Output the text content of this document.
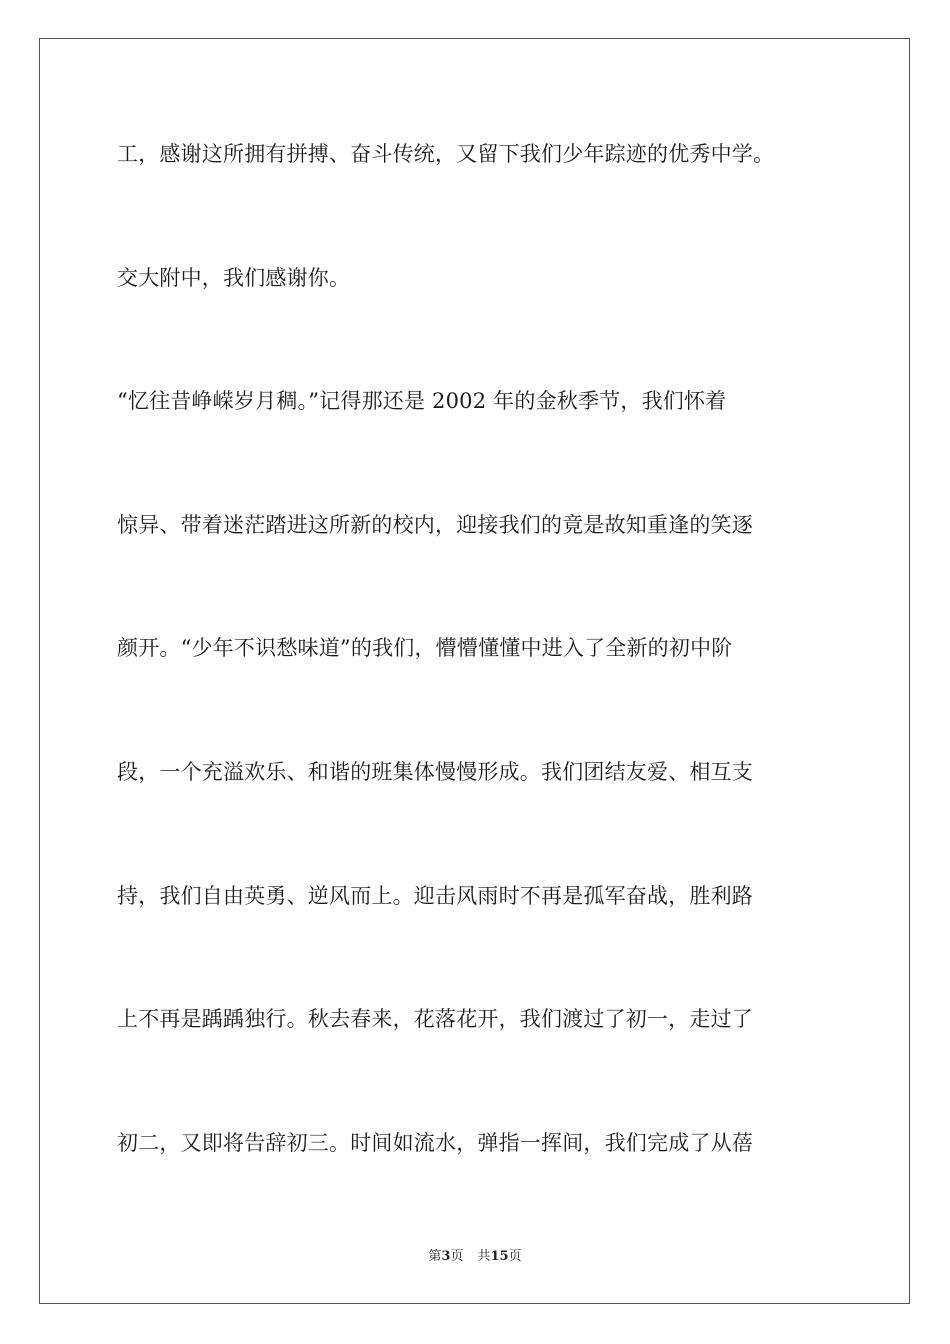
工，感谢这所拥有拼搏、奋斗传统，又留下我们少年踪迹的优秀中学。
交大附中，我们感谢你。
“忆往昔峥嵘岁月稠。”记得那还是 2002 年的金秋季节，我们怀着
惊异、带着迷茫踏进这所新的校内，迎接我们的竟是故知重逢的笑逐
颜开。“少年不识愁味道”的我们，懵懵懂懂中进入了全新的初中阶
段，一个充溢欢乐、和谐的班集体慢慢形成。我们团结友爱、相互支
持，我们自由英勇、逆风而上。迎击风雨时不再是孤军奋战，胜利路
上不再是踽踽独行。秋去春来，花落花开，我们渡过了初一，走过了
初二，又即将告辞初三。时间如流水，弹指一挥间，我们完成了从蓓
第3页 共15页
